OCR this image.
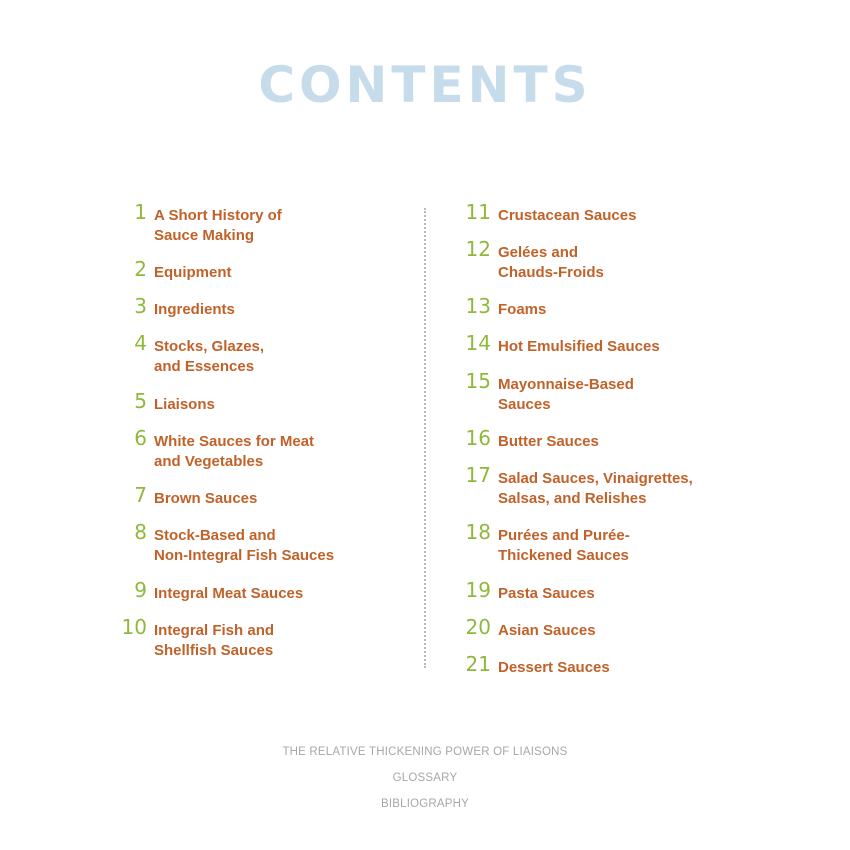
CONTENTS
1 A Short History of
Sauce Making
2 Equipment
3 Ingredients
4 Stocks, Glazes,
and Essences
5 Liaisons
6 White Sauces for Meat
and Vegetables
7 Brown Sauces
8 Stock-Based and
Non-Integral Fish Sauces
9 Integral Meat Sauces
10 Integral Fish and
Shellfish Sauces
11 Crustacean Sauces
12 Gelées and
Chauds-Froids
13 Foams
14 Hot Emulsified Sauces
15 Mayonnaise-Based
Sauces
16 Butter Sauces
17 Salad Sauces, Vinaigrettes,
Salsas, and Relishes
18 Purées and Purée-
Thickened Sauces
19 Pasta Sauces
20 Asian Sauces
21 Dessert Sauces
THE RELATIVE THICKENING POWER OF LIAISONS
GLOSSARY
BIBLIOGRAPHY
